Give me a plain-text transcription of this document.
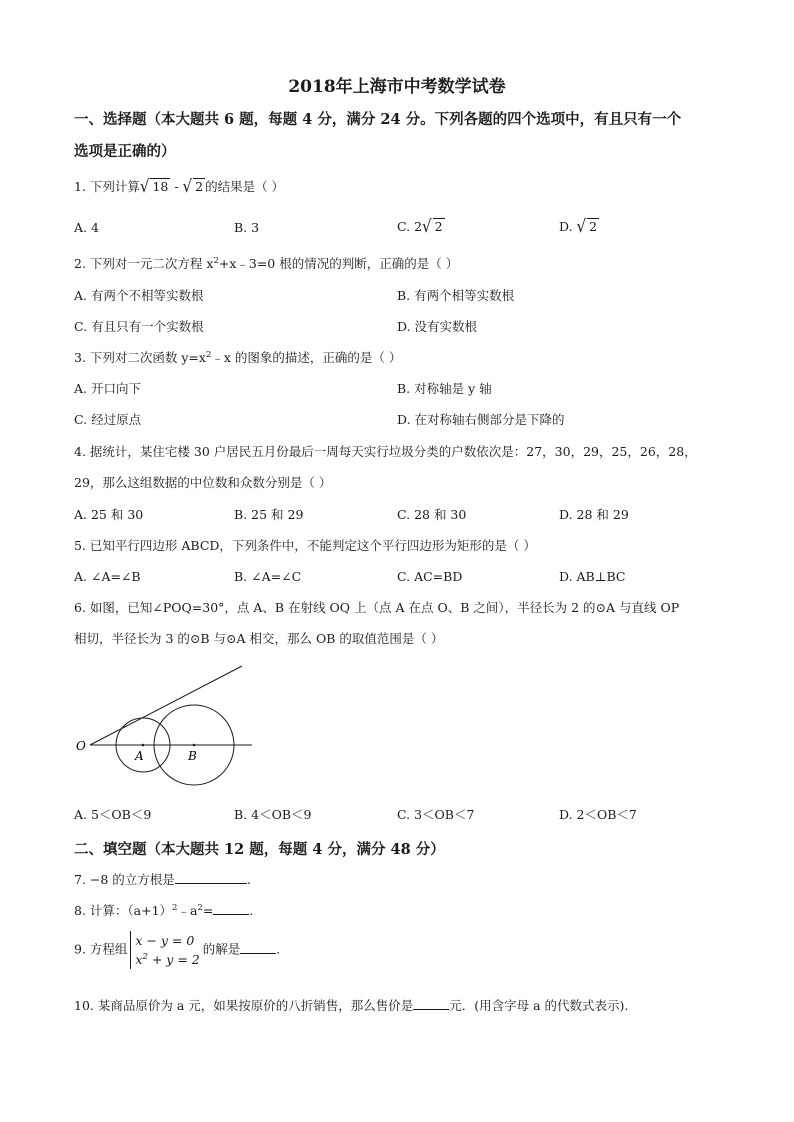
2018年上海市中考数学试卷
一、选择题（本大题共 6 题，每题 4 分，满分 24 分。下列各题的四个选项中，有且只有一个
选项是正确的）
1. 下列计算√ 18 - √ 2 的结果是（ ）
A. 4	B. 3	C. 2√ 2	D. √ 2
2. 下列对一元二次方程 $x^2+x﹣3=0$ 根的情况的判断，正确的是（ ）
A. 有两个不相等实数根	B. 有两个相等实数根
C. 有且只有一个实数根	D. 没有实数根
3. 下列对二次函数 $y=x^2﹣x$ 的图象的描述，正确的是（ ）
A. 开口向下	B. 对称轴是 y 轴
C. 经过原点	D. 在对称轴右侧部分是下降的
4. 据统计，某住宅楼 30 户居民五月份最后一周每天实行垃圾分类的户数依次是：27，30，29，25，26，28，
29，那么这组数据的中位数和众数分别是（ ）
A. 25 和 30	B. 25 和 29	C. 28 和 30	D. 28 和 29
5. 已知平行四边形 ABCD，下列条件中，不能判定这个平行四边形为矩形的是（ ）
A. ∠A=∠B	B. ∠A=∠C	C. AC=BD	D. AB⊥BC
6. 如图，已知∠POQ=30°，点 A、B 在射线 OQ 上（点 A 在点 O、B 之间），半径长为 2 的⊙A 与直线 OP
相切，半径长为 3 的⊙B 与⊙A 相交，那么 OB 的取值范围是（ ）
O
A	B
A. 5＜OB＜9	B. 4＜OB＜9	C. 3＜OB＜7	D. 2＜OB＜7
二、填空题（本大题共 12 题，每题 4 分，满分 48 分）
7. −8 的立方根是	.
8. 计算：$(a+1)^2﹣a^2=$	.
9. 方程组x − y = 0
$x^2 + y = 2$的解是	.
10. 某商品原价为 a 元，如果按原价的八折销售，那么售价是	元．(用含字母 a 的代数式表示).
